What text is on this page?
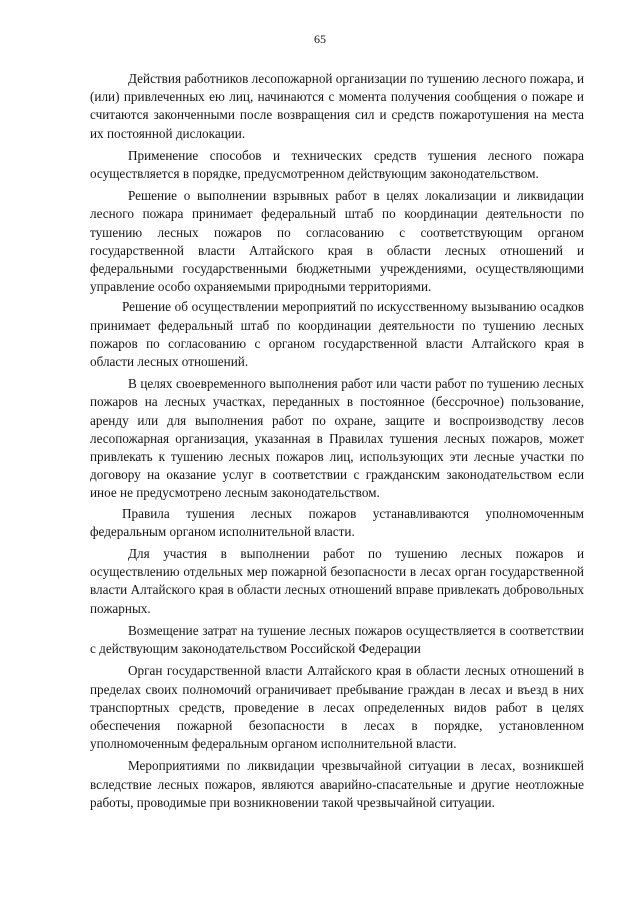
65

Действия работников лесопожарной организации по тушению лесного пожара, и (или) привлеченных ею лиц, начинаются с момента получения сообщения о пожаре и считаются законченными после возвращения сил и средств пожаротушения на места их постоянной дислокации.

Применение способов и технических средств тушения лесного пожара осуществляется в порядке, предусмотренном действующим законодательством.

Решение о выполнении взрывных работ в целях локализации и ликвидации лесного пожара принимает федеральный штаб по координации деятельности по тушению лесных пожаров по согласованию с соответствующим органом государственной власти Алтайского края в области лесных отношений и федеральными государственными бюджетными учреждениями, осуществляющими управление особо охраняемыми природными территориями.

Решение об осуществлении мероприятий по искусственному вызыванию осадков принимает федеральный штаб по координации деятельности по тушению лесных пожаров по согласованию с органом государственной власти Алтайского края в области лесных отношений.

В целях своевременного выполнения работ или части работ по тушению лесных пожаров на лесных участках, переданных в постоянное (бессрочное) пользование, аренду или для выполнения работ по охране, защите и воспроизводству лесов лесопожарная организация, указанная в Правилах тушения лесных пожаров, может привлекать к тушению лесных пожаров лиц, использующих эти лесные участки по договору на оказание услуг в соответствии с гражданским законодательством если иное не предусмотрено лесным законодательством.

Правила тушения лесных пожаров устанавливаются уполномоченным федеральным органом исполнительной власти.

Для участия в выполнении работ по тушению лесных пожаров и осуществлению отдельных мер пожарной безопасности в лесах орган государственной власти Алтайского края в области лесных отношений вправе привлекать добровольных пожарных.

Возмещение затрат на тушение лесных пожаров осуществляется в соответствии с действующим законодательством Российской Федерации

Орган государственной власти Алтайского края в области лесных отношений в пределах своих полномочий ограничивает пребывание граждан в лесах и въезд в них транспортных средств, проведение в лесах определенных видов работ в целях обеспечения пожарной безопасности в лесах в порядке, установленном уполномоченным федеральным органом исполнительной власти.

Мероприятиями по ликвидации чрезвычайной ситуации в лесах, возникшей вследствие лесных пожаров, являются аварийно-спасательные и другие неотложные работы, проводимые при возникновении такой чрезвычайной ситуации.
